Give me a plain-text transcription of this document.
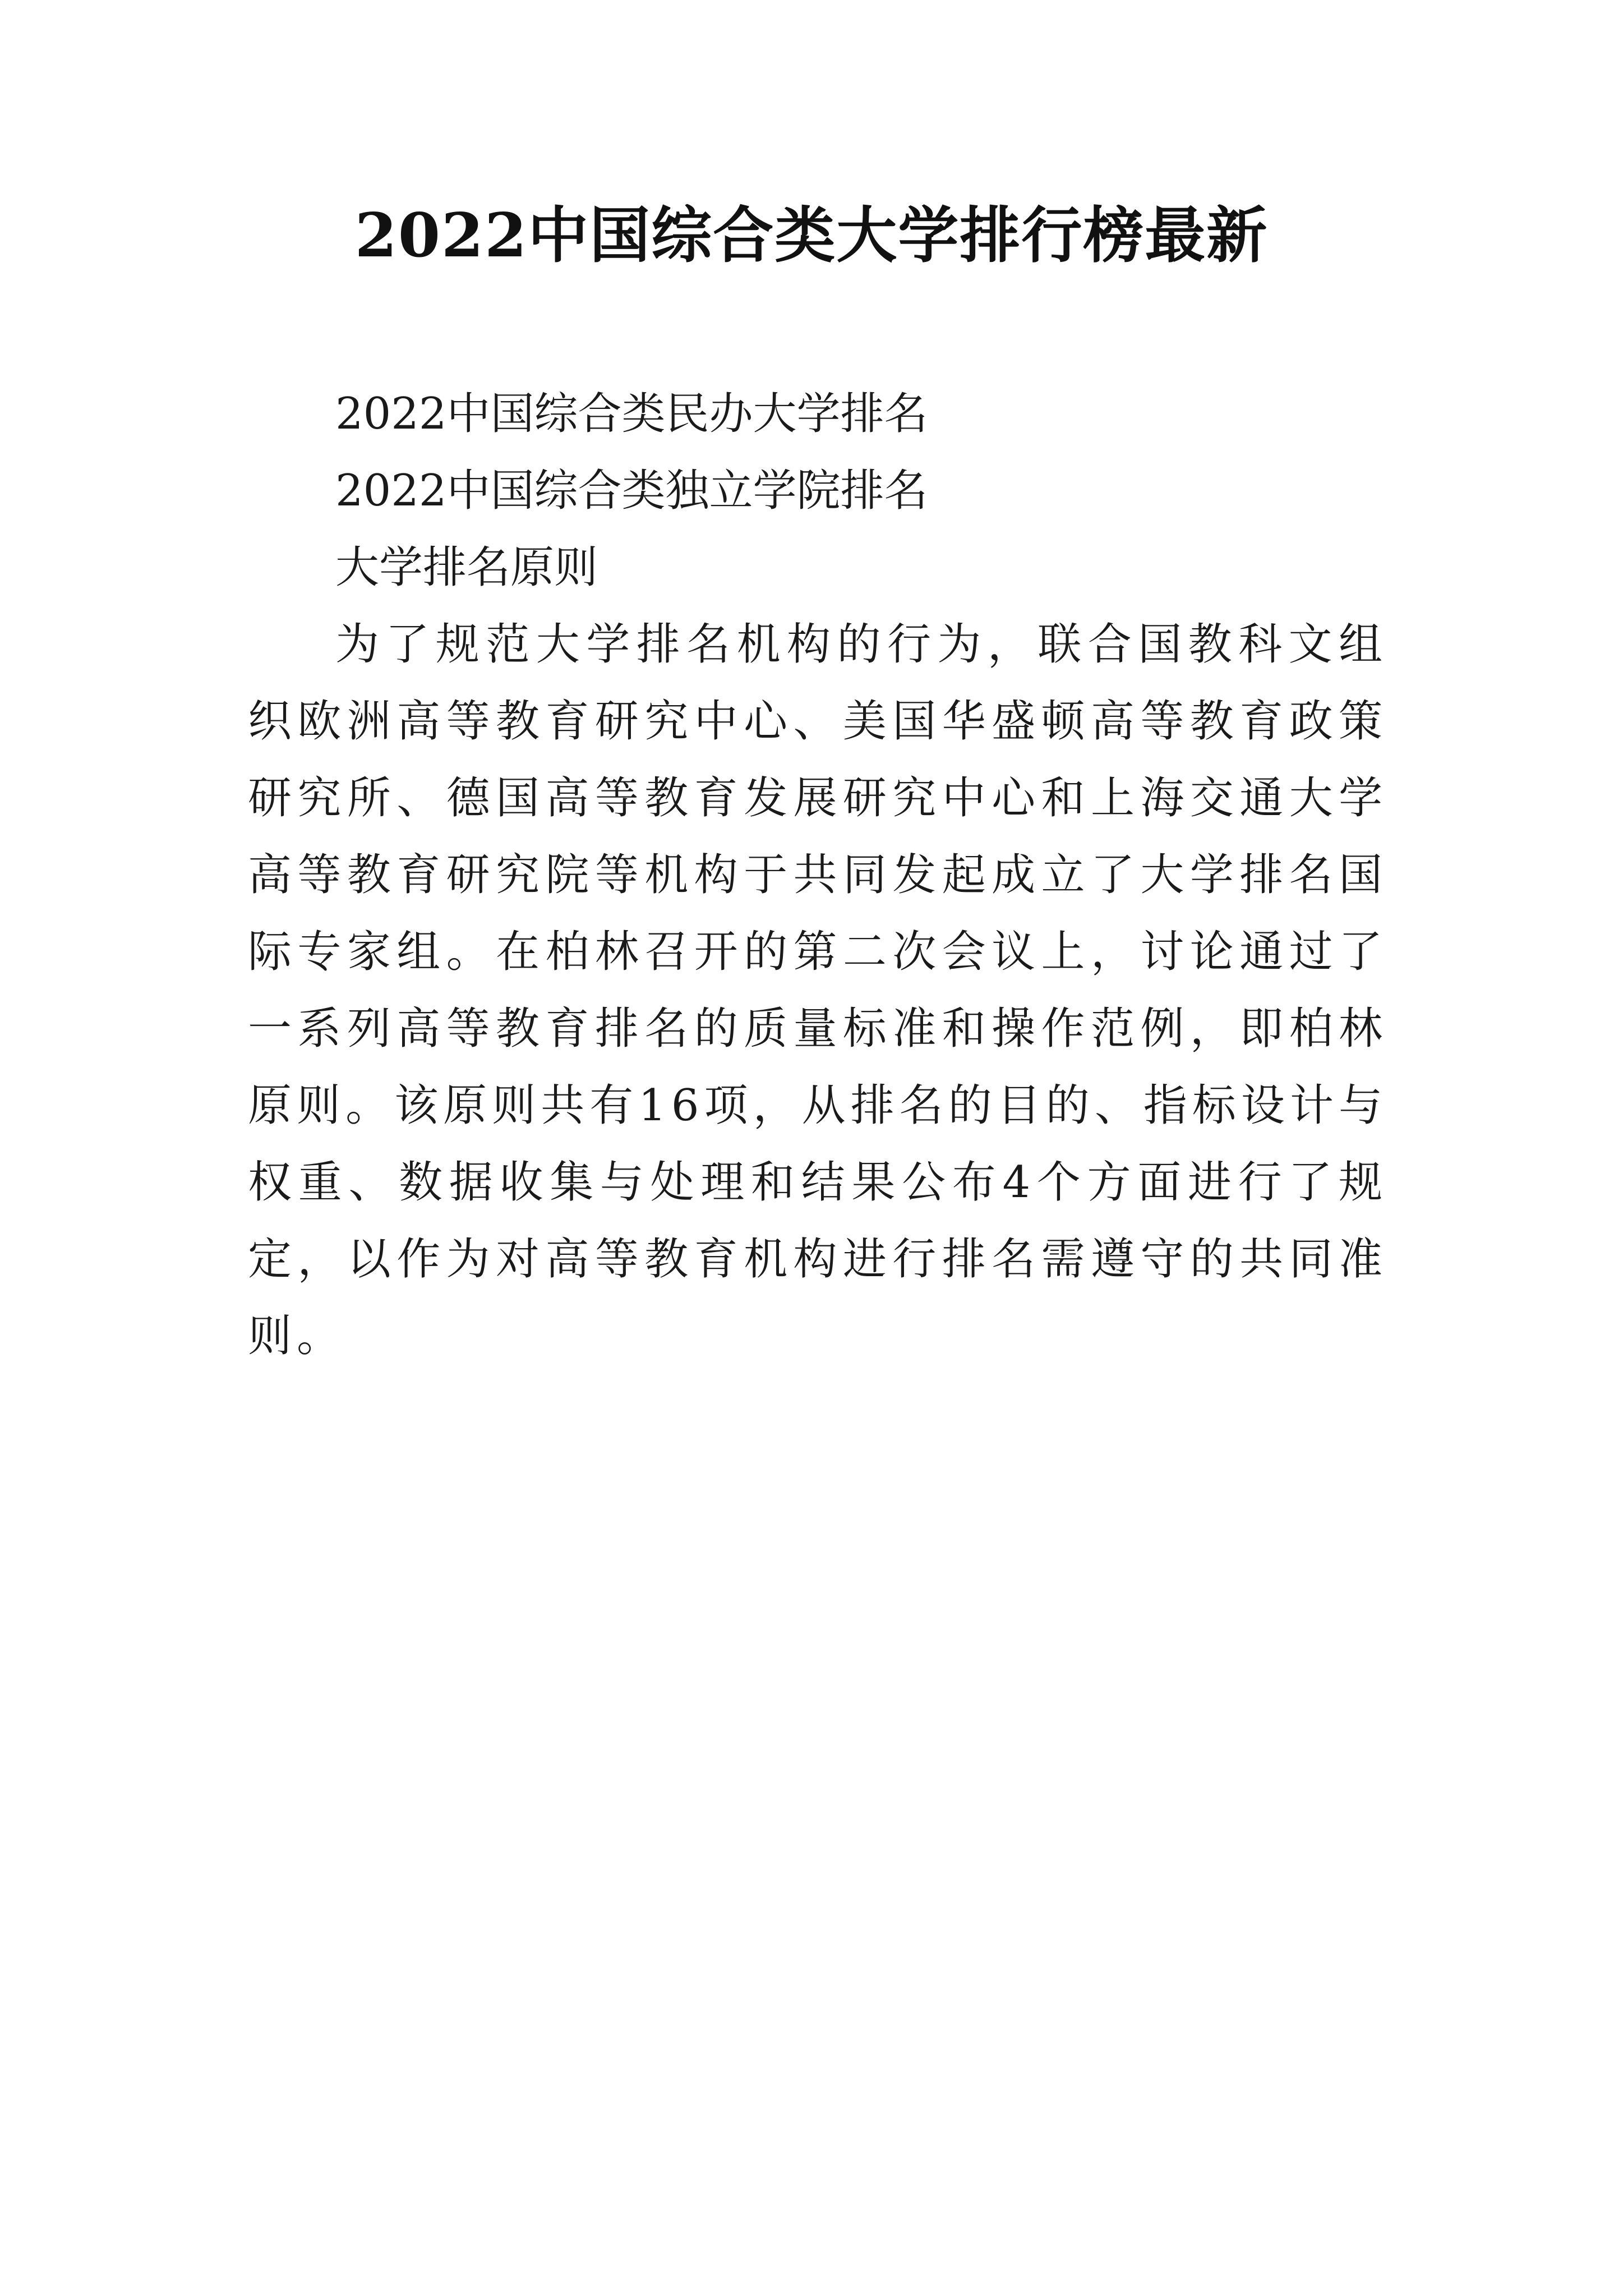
2022中国综合类大学排行榜最新

2022中国综合类民办大学排名

2022中国综合类独立学院排名

大学排名原则

为了规范大学排名机构的行为，联合国教科文组织欧洲高等教育研究中心、美国华盛顿高等教育政策研究所、德国高等教育发展研究中心和上海交通大学高等教育研究院等机构于共同发起成立了大学排名国际专家组。在柏林召开的第二次会议上，讨论通过了一系列高等教育排名的质量标准和操作范例，即柏林原则。该原则共有16项，从排名的目的、指标设计与权重、数据收集与处理和结果公布4个方面进行了规定，以作为对高等教育机构进行排名需遵守的共同准则。
